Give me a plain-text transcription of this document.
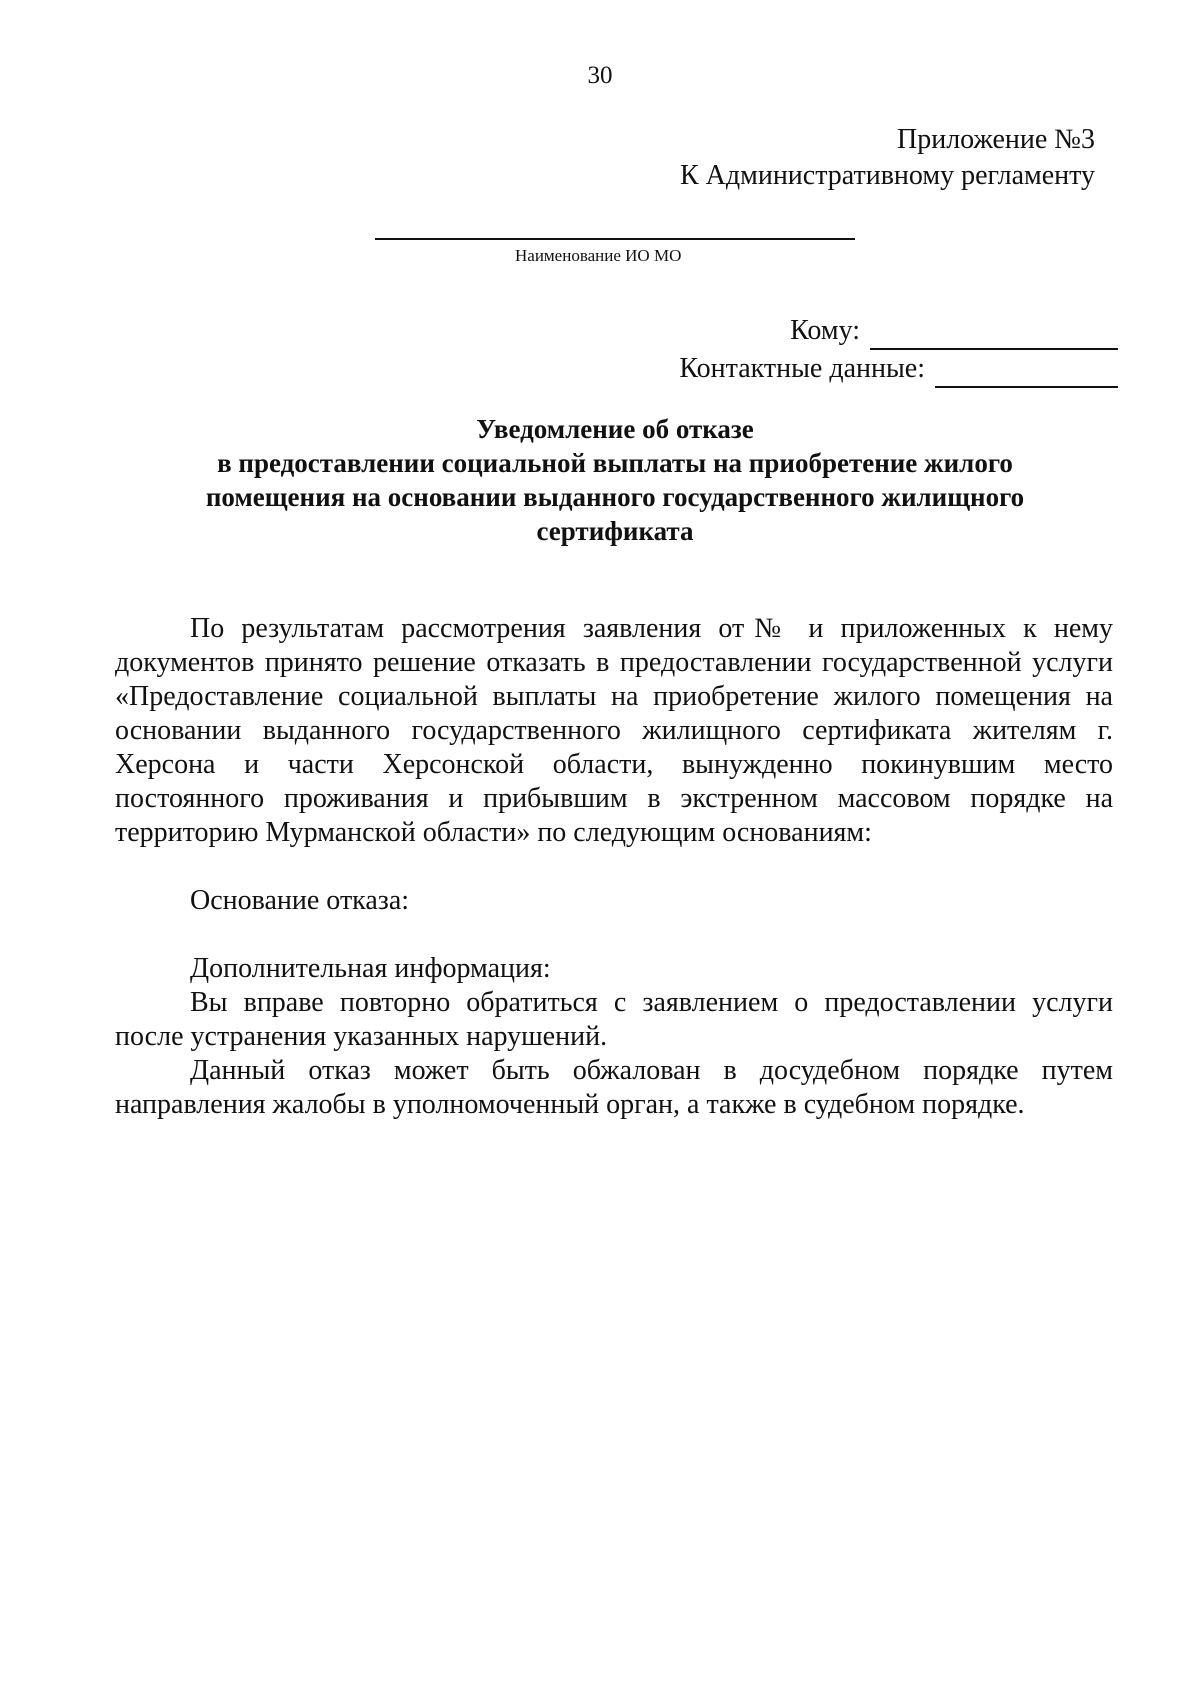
30
Приложение №3
К Административному регламенту
Наименование ИО МО
Кому:
Контактные данные:
Уведомление об отказе
в предоставлении социальной выплаты на приобретение жилого
помещения на основании выданного государственного жилищного
сертификата

По результатам рассмотрения заявления от№ и приложенных к нему документов принято решение отказать в предоставлении государственной услуги «Предоставление социальной выплаты на приобретение жилого помещения на основании выданного государственного жилищного сертификата жителям г. Херсона и части Херсонской области, вынужденно покинувшим место постоянного проживания и прибывшим в экстренном массовом порядке на территорию Мурманской области» по следующим основаниям:

Основание отказа:

Дополнительная информация:

Вы вправе повторно обратиться с заявлением о предоставлении услуги после устранения указанных нарушений.

Данный отказ может быть обжалован в досудебном порядке путем направления жалобы в уполномоченный орган, а также в судебном порядке.
